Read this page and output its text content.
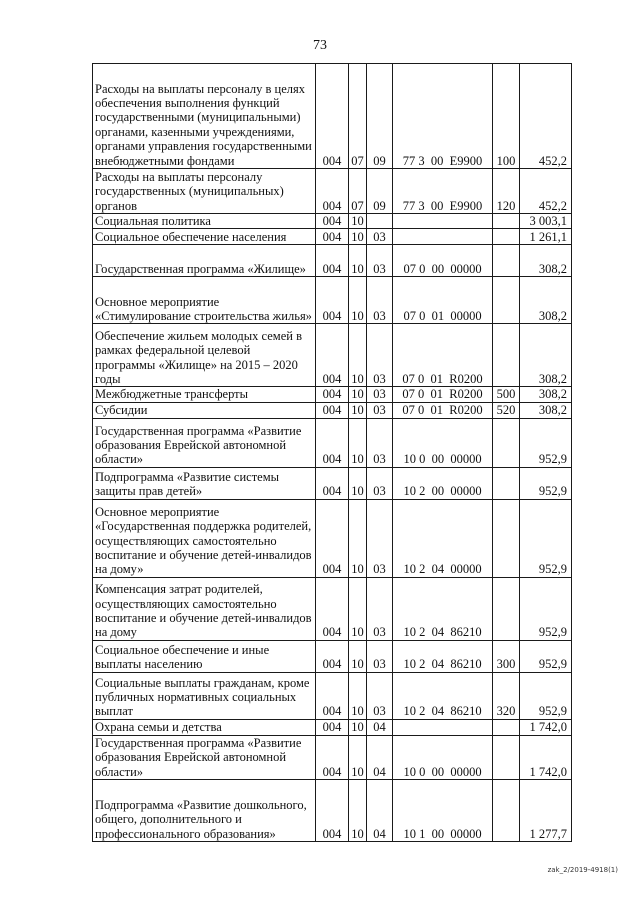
73
Расходы на выплаты персоналу в целях обеспечения выполнения функций государственными (муниципальными) органами, казенными учреждениями, органами управления государственными внебюджетными фондами	004	07	09	77 3  00  E9900	100	452,2
Расходы на выплаты персоналу государственных (муниципальных) органов	004	07	09	77 3  00  E9900	120	452,2
Социальная политика	004	10				3 003,1
Социальное обеспечение населения	004	10	03			1 261,1
Государственная программа «Жилище»	004	10	03	07 0  00  00000		308,2
Основное мероприятие «Стимулирование строительства жилья»	004	10	03	07 0  01  00000		308,2
Обеспечение жильем молодых семей в рамках федеральной целевой программы «Жилище» на 2015 – 2020 годы	004	10	03	07 0  01  R0200		308,2
Межбюджетные трансферты	004	10	03	07 0  01  R0200	500	308,2
Субсидии	004	10	03	07 0  01  R0200	520	308,2
Государственная программа «Развитие образования Еврейской автономной области»	004	10	03	10 0  00  00000		952,9
Подпрограмма «Развитие системы защиты прав детей»	004	10	03	10 2  00  00000		952,9
Основное мероприятие «Государственная поддержка родителей, осуществляющих самостоятельно воспитание и обучение детей-инвалидов на дому»	004	10	03	10 2  04  00000		952,9
Компенсация затрат родителей, осуществляющих самостоятельно воспитание и обучение детей-инвалидов на дому	004	10	03	10 2  04  86210		952,9
Социальное обеспечение и иные выплаты населению	004	10	03	10 2  04  86210	300	952,9
Социальные выплаты гражданам, кроме публичных нормативных социальных выплат	004	10	03	10 2  04  86210	320	952,9
Охрана семьи и детства	004	10	04			1 742,0
Государственная программа «Развитие образования Еврейской автономной области»	004	10	04	10 0  00  00000		1 742,0
Подпрограмма «Развитие дошкольного, общего, дополнительного и профессионального образования»	004	10	04	10 1  00  00000		1 277,7
zak_2/2019-4918(1)
